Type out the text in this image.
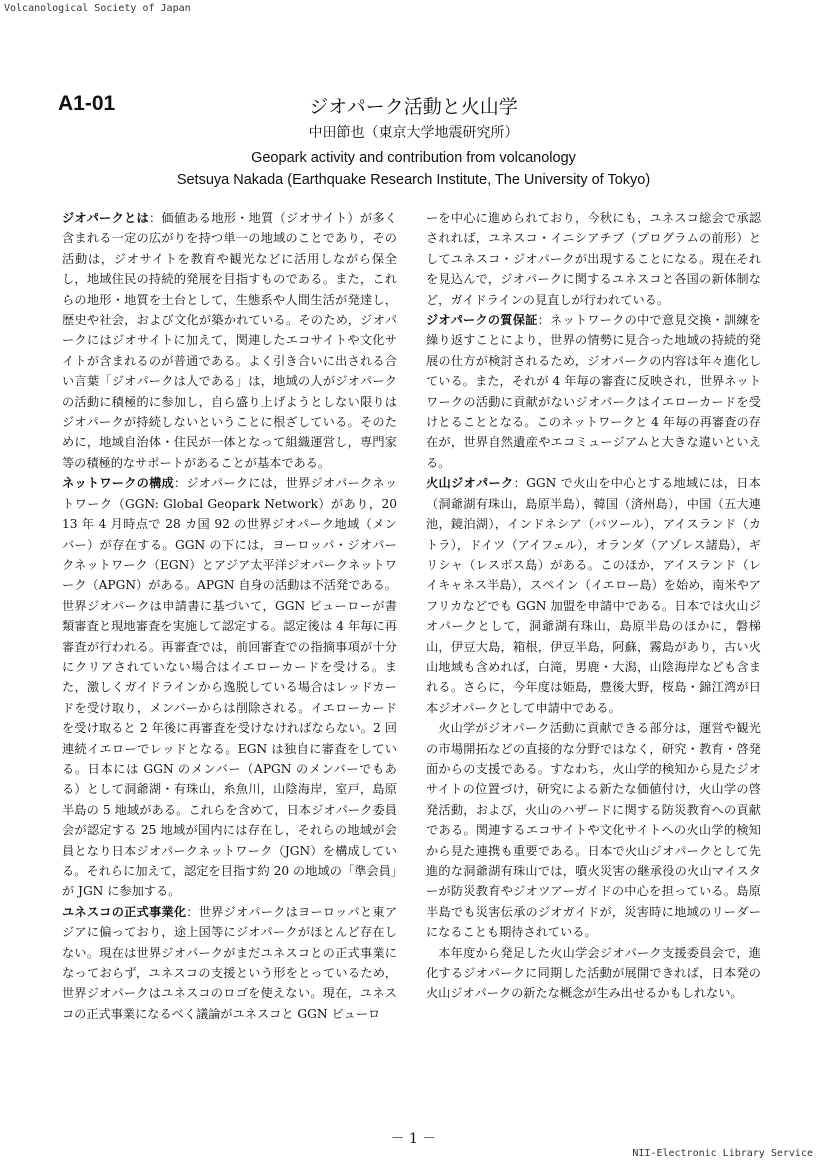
Volcanological Society of Japan
A1-01	ジオパーク活動と火山学
中田節也（東京大学地震研究所）
Geopark activity and contribution from volcanology
Setsuya Nakada (Earthquake Research Institute, The University of Tokyo)

ジオパークとは：価値ある地形・地質（ジオサイト）が多く含まれる一定の広がりを持つ単一の地域のことであり，その活動は，ジオサイトを教育や観光などに活用しながら保全し，地域住民の持続的発展を目指すものである。また，これらの地形・地質を土台として，生態系や人間生活が発達し，歴史や社会，および文化が築かれている。そのため，ジオパークにはジオサイトに加えて，関連したエコサイトや文化サイトが含まれるのが普通である。よく引き合いに出される合い言葉「ジオパークは人である」は，地域の人がジオパークの活動に積極的に参加し，自ら盛り上げようとしない限りはジオパークが持続しないということに根ざしている。そのために，地域自治体・住民が一体となって組織運営し，専門家等の積極的なサポートがあることが基本である。

ネットワークの構成：ジオパークには，世界ジオパークネットワーク（GGN: Global Geopark Network）があり，2013 年 4 月時点で 28 カ国 92 の世界ジオパーク地域（メンバー）が存在する。GGN の下には，ヨーロッパ・ジオパークネットワーク（EGN）とアジア太平洋ジオパークネットワーク（APGN）がある。APGN 自身の活動は不活発である。世界ジオパークは申請書に基づいて，GGN ビューローが書類審査と現地審査を実施して認定する。認定後は 4 年毎に再審査が行われる。再審査では，前回審査での指摘事項が十分にクリアされていない場合はイエローカードを受ける。また，激しくガイドラインから逸脱している場合はレッドカードを受け取り，メンバーからは削除される。イエローカードを受け取ると 2 年後に再審査を受けなければならない。2 回連続イエローでレッドとなる。EGN は独自に審査をしている。日本には GGN のメンバー（APGN のメンバーでもある）として洞爺湖・有珠山，糸魚川，山陰海岸，室戸，島原半島の 5 地域がある。これらを含めて，日本ジオパーク委員会が認定する 25 地域が国内には存在し，それらの地域が会員となり日本ジオパークネットワーク（JGN）を構成している。それらに加えて，認定を目指す約 20 の地域の「準会員」が JGN に参加する。

ユネスコの正式事業化：世界ジオパークはヨーロッパと東アジアに偏っており，途上国等にジオパークがほとんど存在しない。現在は世界ジオパークがまだユネスコとの正式事業になっておらず，ユネスコの支援という形をとっているため，世界ジオパークはユネスコのロゴを使えない。現在，ユネスコの正式事業になるべく議論がユネスコと GGN ビューロ

ーを中心に進められており，今秋にも，ユネスコ総会で承認されれば，ユネスコ・イニシアチブ（プログラムの前形）としてユネスコ・ジオパークが出現することになる。現在それを見込んで，ジオパークに関するユネスコと各国の新体制など，ガイドラインの見直しが行われている。

ジオパークの質保証：ネットワークの中で意見交換・訓練を繰り返すことにより，世界の情勢に見合った地域の持続的発展の仕方が検討されるため，ジオパークの内容は年々進化している。また，それが 4 年毎の審査に反映され，世界ネットワークの活動に貢献がないジオパークはイエローカードを受けとることとなる。このネットワークと 4 年毎の再審査の存在が，世界自然遺産やエコミュージアムと大きな違いといえる。

火山ジオパーク：GGN で火山を中心とする地域には，日本（洞爺湖有珠山，島原半島），韓国（済州島），中国（五大連池，鏡泊湖），インドネシア（バツール），アイスランド（カトラ），ドイツ（アイフェル），オランダ（アゾレス諸島），ギリシャ（レスボス島）がある。このほか，アイスランド（レイキャネス半島），スペイン（イエロー島）を始め，南米やアフリカなどでも GGN 加盟を申請中である。日本では火山ジオパークとして，洞爺湖有珠山，島原半島のほかに，磐梯山，伊豆大島，箱根，伊豆半島，阿蘇，霧島があり，古い火山地域も含めれば，白滝，男鹿・大潟，山陰海岸なども含まれる。さらに，今年度は姫島，豊後大野，桜島・錦江湾が日本ジオパークとして申請中である。

火山学がジオパーク活動に貢献できる部分は，運営や観光の市場開拓などの直接的な分野ではなく，研究・教育・啓発面からの支援である。すなわち，火山学的検知から見たジオサイトの位置づけ，研究による新たな価値付け，火山学の啓発活動，および，火山のハザードに関する防災教育への貢献である。関連するエコサイトや文化サイトへの火山学的検知から見た連携も重要である。日本で火山ジオパークとして先進的な洞爺湖有珠山では，噴火災害の継承役の火山マイスターが防災教育やジオツアーガイドの中心を担っている。島原半島でも災害伝承のジオガイドが，災害時に地域のリーダーになることも期待されている。

本年度から発足した火山学会ジオパーク支援委員会で，進化するジオパークに同期した活動が展開できれば，日本発の火山ジオパークの新たな概念が生み出せるかもしれない。

－ 1 －
NII-Electronic Library Service
